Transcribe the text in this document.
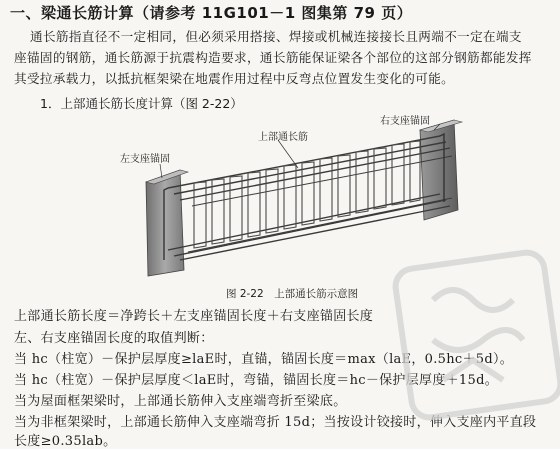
一、梁通长筋计算（请参考 11G101－1 图集第 79 页）
通长筋指直径不一定相同，但必须采用搭接、焊接或机械连接接长且两端不一定在端支
座锚固的钢筋，通长筋源于抗震构造要求，通长筋能保证梁各个部位的这部分钢筋都能发挥
其受拉承载力，以抵抗框架梁在地震作用过程中反弯点位置发生变化的可能。
1．上部通长筋长度计算（图 2-22）
上部通长筋
右支座锚固
左支座锚固
图 2-22　上部通长筋示意图
上部通长筋长度＝净跨长＋左支座锚固长度＋右支座锚固长度
左、右支座锚固长度的取值判断：
当 hc（柱宽）－保护层厚度≥laE时，直锚，锚固长度＝max（laE，0.5hc＋5d）。
当 hc（柱宽）－保护层厚度＜laE时，弯锚，锚固长度＝hc－保护层厚度＋15d。
当为屋面框架梁时，上部通长筋伸入支座端弯折至梁底。
当为非框架梁时，上部通长筋伸入支座端弯折 15d；当按设计铰接时，伸入支座内平直段
长度≥0.35lab。
